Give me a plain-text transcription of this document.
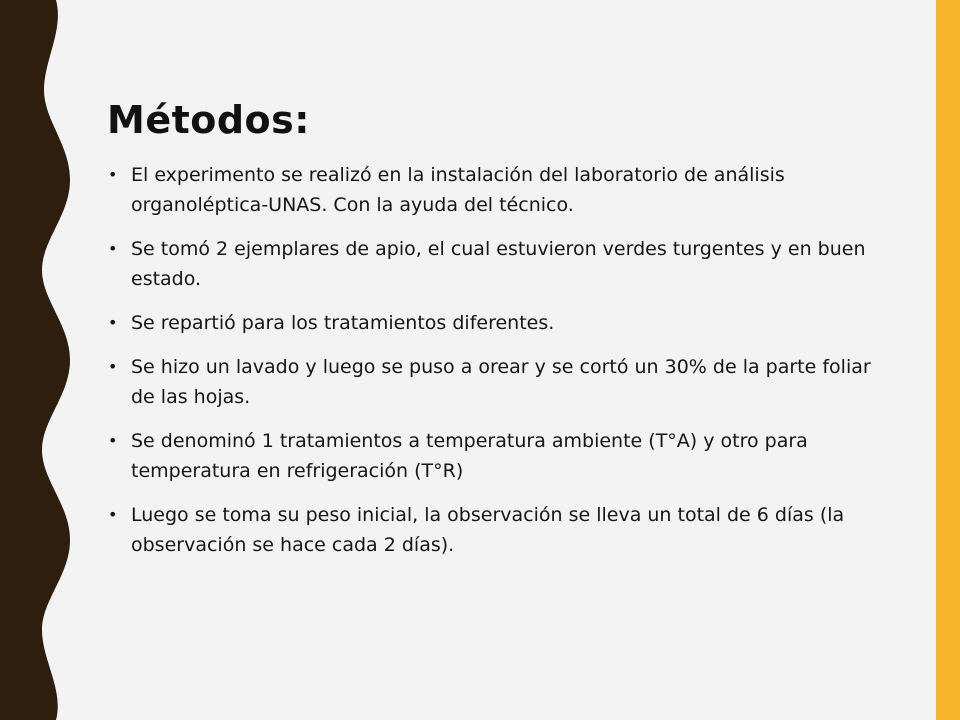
Métodos:
• El experimento se realizó en la instalación del laboratorio de análisis organoléptica-UNAS. Con la ayuda del técnico.
• Se tomó 2 ejemplares de apio, el cual estuvieron verdes turgentes y en buen estado.
• Se repartió para los tratamientos diferentes.
• Se hizo un lavado y luego se puso a orear y se cortó un 30% de la parte foliar de las hojas.
• Se denominó 1 tratamientos a temperatura ambiente (T°A) y otro para temperatura en refrigeración (T°R)
• Luego se toma su peso inicial, la observación se lleva un total de 6 días (la observación se hace cada 2 días).
